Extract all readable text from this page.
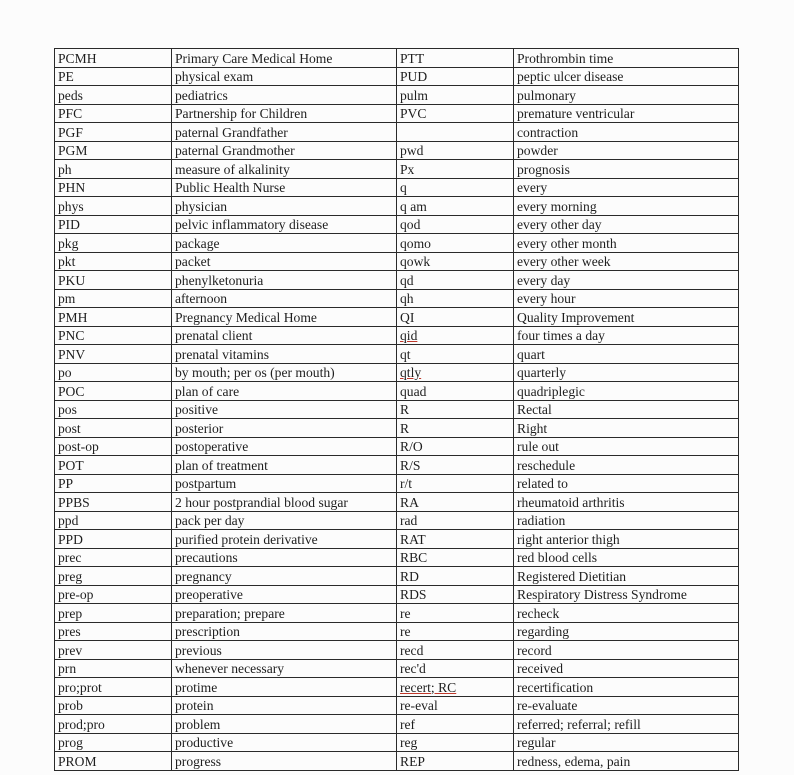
PCMH	Primary Care Medical Home	PTT	Prothrombin time
PE	physical exam	PUD	peptic ulcer disease
peds	pediatrics	pulm	pulmonary
PFC	Partnership for Children	PVC	premature ventricular
PGF	paternal Grandfather		contraction
PGM	paternal Grandmother	pwd	powder
ph	measure of alkalinity	Px	prognosis
PHN	Public Health Nurse	q	every
phys	physician	q am	every morning
PID	pelvic inflammatory disease	qod	every other day
pkg	package	qomo	every other month
pkt	packet	qowk	every other week
PKU	phenylketonuria	qd	every day
pm	afternoon	qh	every hour
PMH	Pregnancy Medical Home	QI	Quality Improvement
PNC	prenatal client	qid	four times a day
PNV	prenatal vitamins	qt	quart
po	by mouth; per os (per mouth)	qtly	quarterly
POC	plan of care	quad	quadriplegic
pos	positive	R	Rectal
post	posterior	R	Right
post-op	postoperative	R/O	rule out
POT	plan of treatment	R/S	reschedule
PP	postpartum	r/t	related to
PPBS	2 hour postprandial blood sugar	RA	rheumatoid arthritis
ppd	pack per day	rad	radiation
PPD	purified protein derivative	RAT	right anterior thigh
prec	precautions	RBC	red blood cells
preg	pregnancy	RD	Registered Dietitian
pre-op	preoperative	RDS	Respiratory Distress Syndrome
prep	preparation; prepare	re	recheck
pres	prescription	re	regarding
prev	previous	recd	record
prn	whenever necessary	rec'd	received
pro;prot	protime	recert; RC	recertification
prob	protein	re-eval	re-evaluate
prod;pro	problem	ref	referred; referral; refill
prog	productive	reg	regular
PROM	progress	REP	redness, edema, pain
